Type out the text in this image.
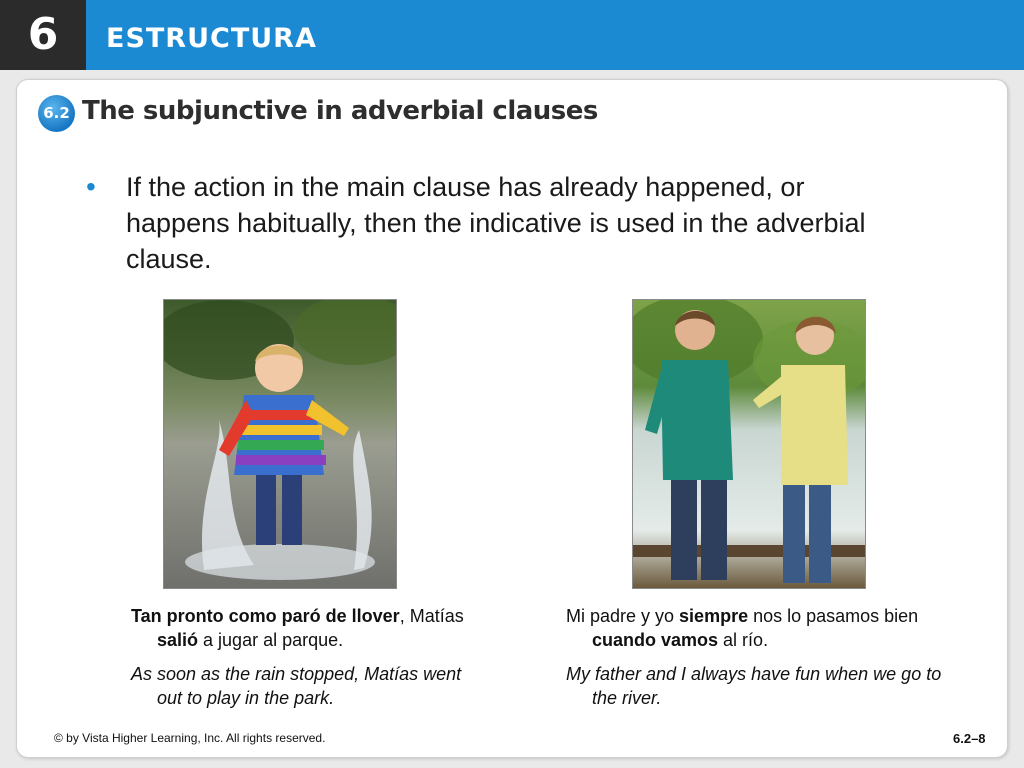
6	ESTRUCTURA
6.2 The subjunctive in adverbial clauses
• If the action in the main clause has already happened, or happens habitually, then the indicative is used in the adverbial clause.

Tan pronto como paró de llover, Matías salió a jugar al parque.

As soon as the rain stopped, Matías went out to play in the park.

Mi padre y yo siempre nos lo pasamos bien cuando vamos al río.

My father and I always have fun when we go to the river.

© by Vista Higher Learning, Inc. All rights reserved.	6.2–8
